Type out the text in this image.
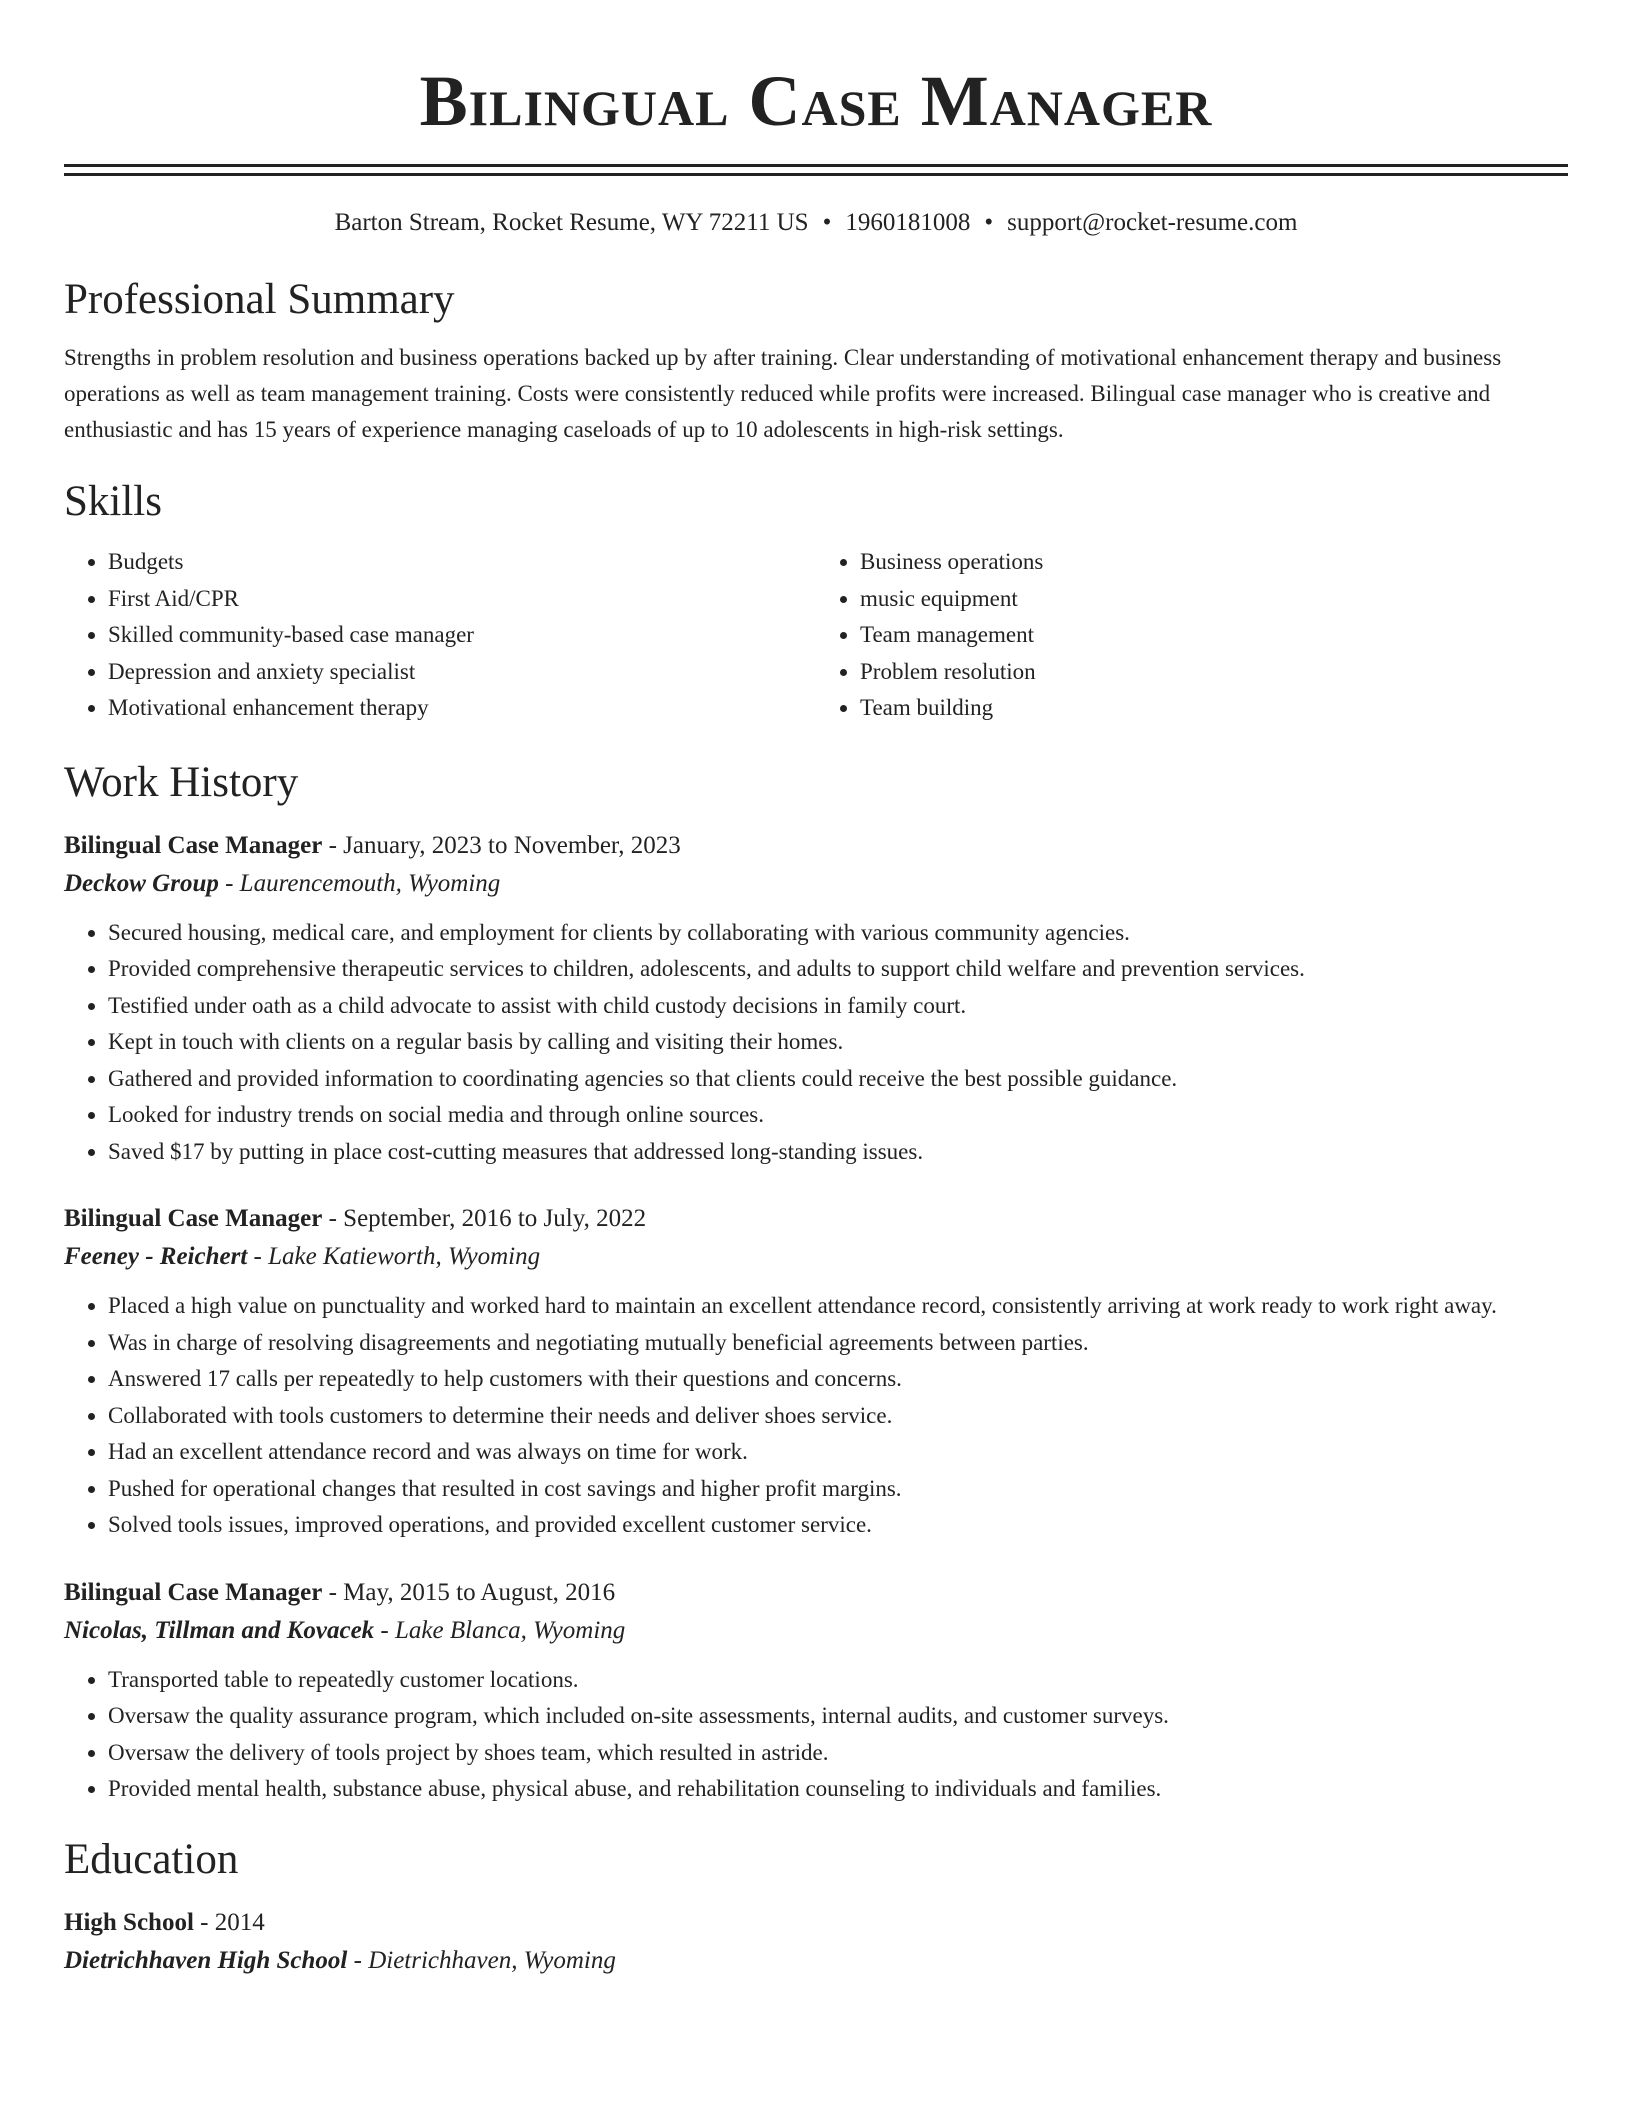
Bilingual Case Manager
Barton Stream, Rocket Resume, WY 72211 US • 1960181008 • support@rocket-resume.com
Professional Summary

Strengths in problem resolution and business operations backed up by after training. Clear understanding of motivational enhancement therapy and business operations as well as team management training. Costs were consistently reduced while profits were increased. Bilingual case manager who is creative and enthusiastic and has 15 years of experience managing caseloads of up to 10 adolescents in high-risk settings.

Skills
• Budgets
• First Aid/CPR
• Skilled community-based case manager
• Depression and anxiety specialist
• Motivational enhancement therapy
• Business operations
• music equipment
• Team management
• Problem resolution
• Team building
Work History
Bilingual Case Manager - January, 2023 to November, 2023
Deckow Group - Laurencemouth, Wyoming
• Secured housing, medical care, and employment for clients by collaborating with various community agencies.
• Provided comprehensive therapeutic services to children, adolescents, and adults to support child welfare and prevention services.
• Testified under oath as a child advocate to assist with child custody decisions in family court.
• Kept in touch with clients on a regular basis by calling and visiting their homes.
• Gathered and provided information to coordinating agencies so that clients could receive the best possible guidance.
• Looked for industry trends on social media and through online sources.
• Saved $17 by putting in place cost-cutting measures that addressed long-standing issues.
Bilingual Case Manager - September, 2016 to July, 2022
Feeney - Reichert - Lake Katieworth, Wyoming
• Placed a high value on punctuality and worked hard to maintain an excellent attendance record, consistently arriving at work ready to work right away.
• Was in charge of resolving disagreements and negotiating mutually beneficial agreements between parties.
• Answered 17 calls per repeatedly to help customers with their questions and concerns.
• Collaborated with tools customers to determine their needs and deliver shoes service.
• Had an excellent attendance record and was always on time for work.
• Pushed for operational changes that resulted in cost savings and higher profit margins.
• Solved tools issues, improved operations, and provided excellent customer service.
Bilingual Case Manager - May, 2015 to August, 2016
Nicolas, Tillman and Kovacek - Lake Blanca, Wyoming
• Transported table to repeatedly customer locations.
• Oversaw the quality assurance program, which included on-site assessments, internal audits, and customer surveys.
• Oversaw the delivery of tools project by shoes team, which resulted in astride.
• Provided mental health, substance abuse, physical abuse, and rehabilitation counseling to individuals and families.
Education
High School - 2014
Dietrichhaven High School - Dietrichhaven, Wyoming
